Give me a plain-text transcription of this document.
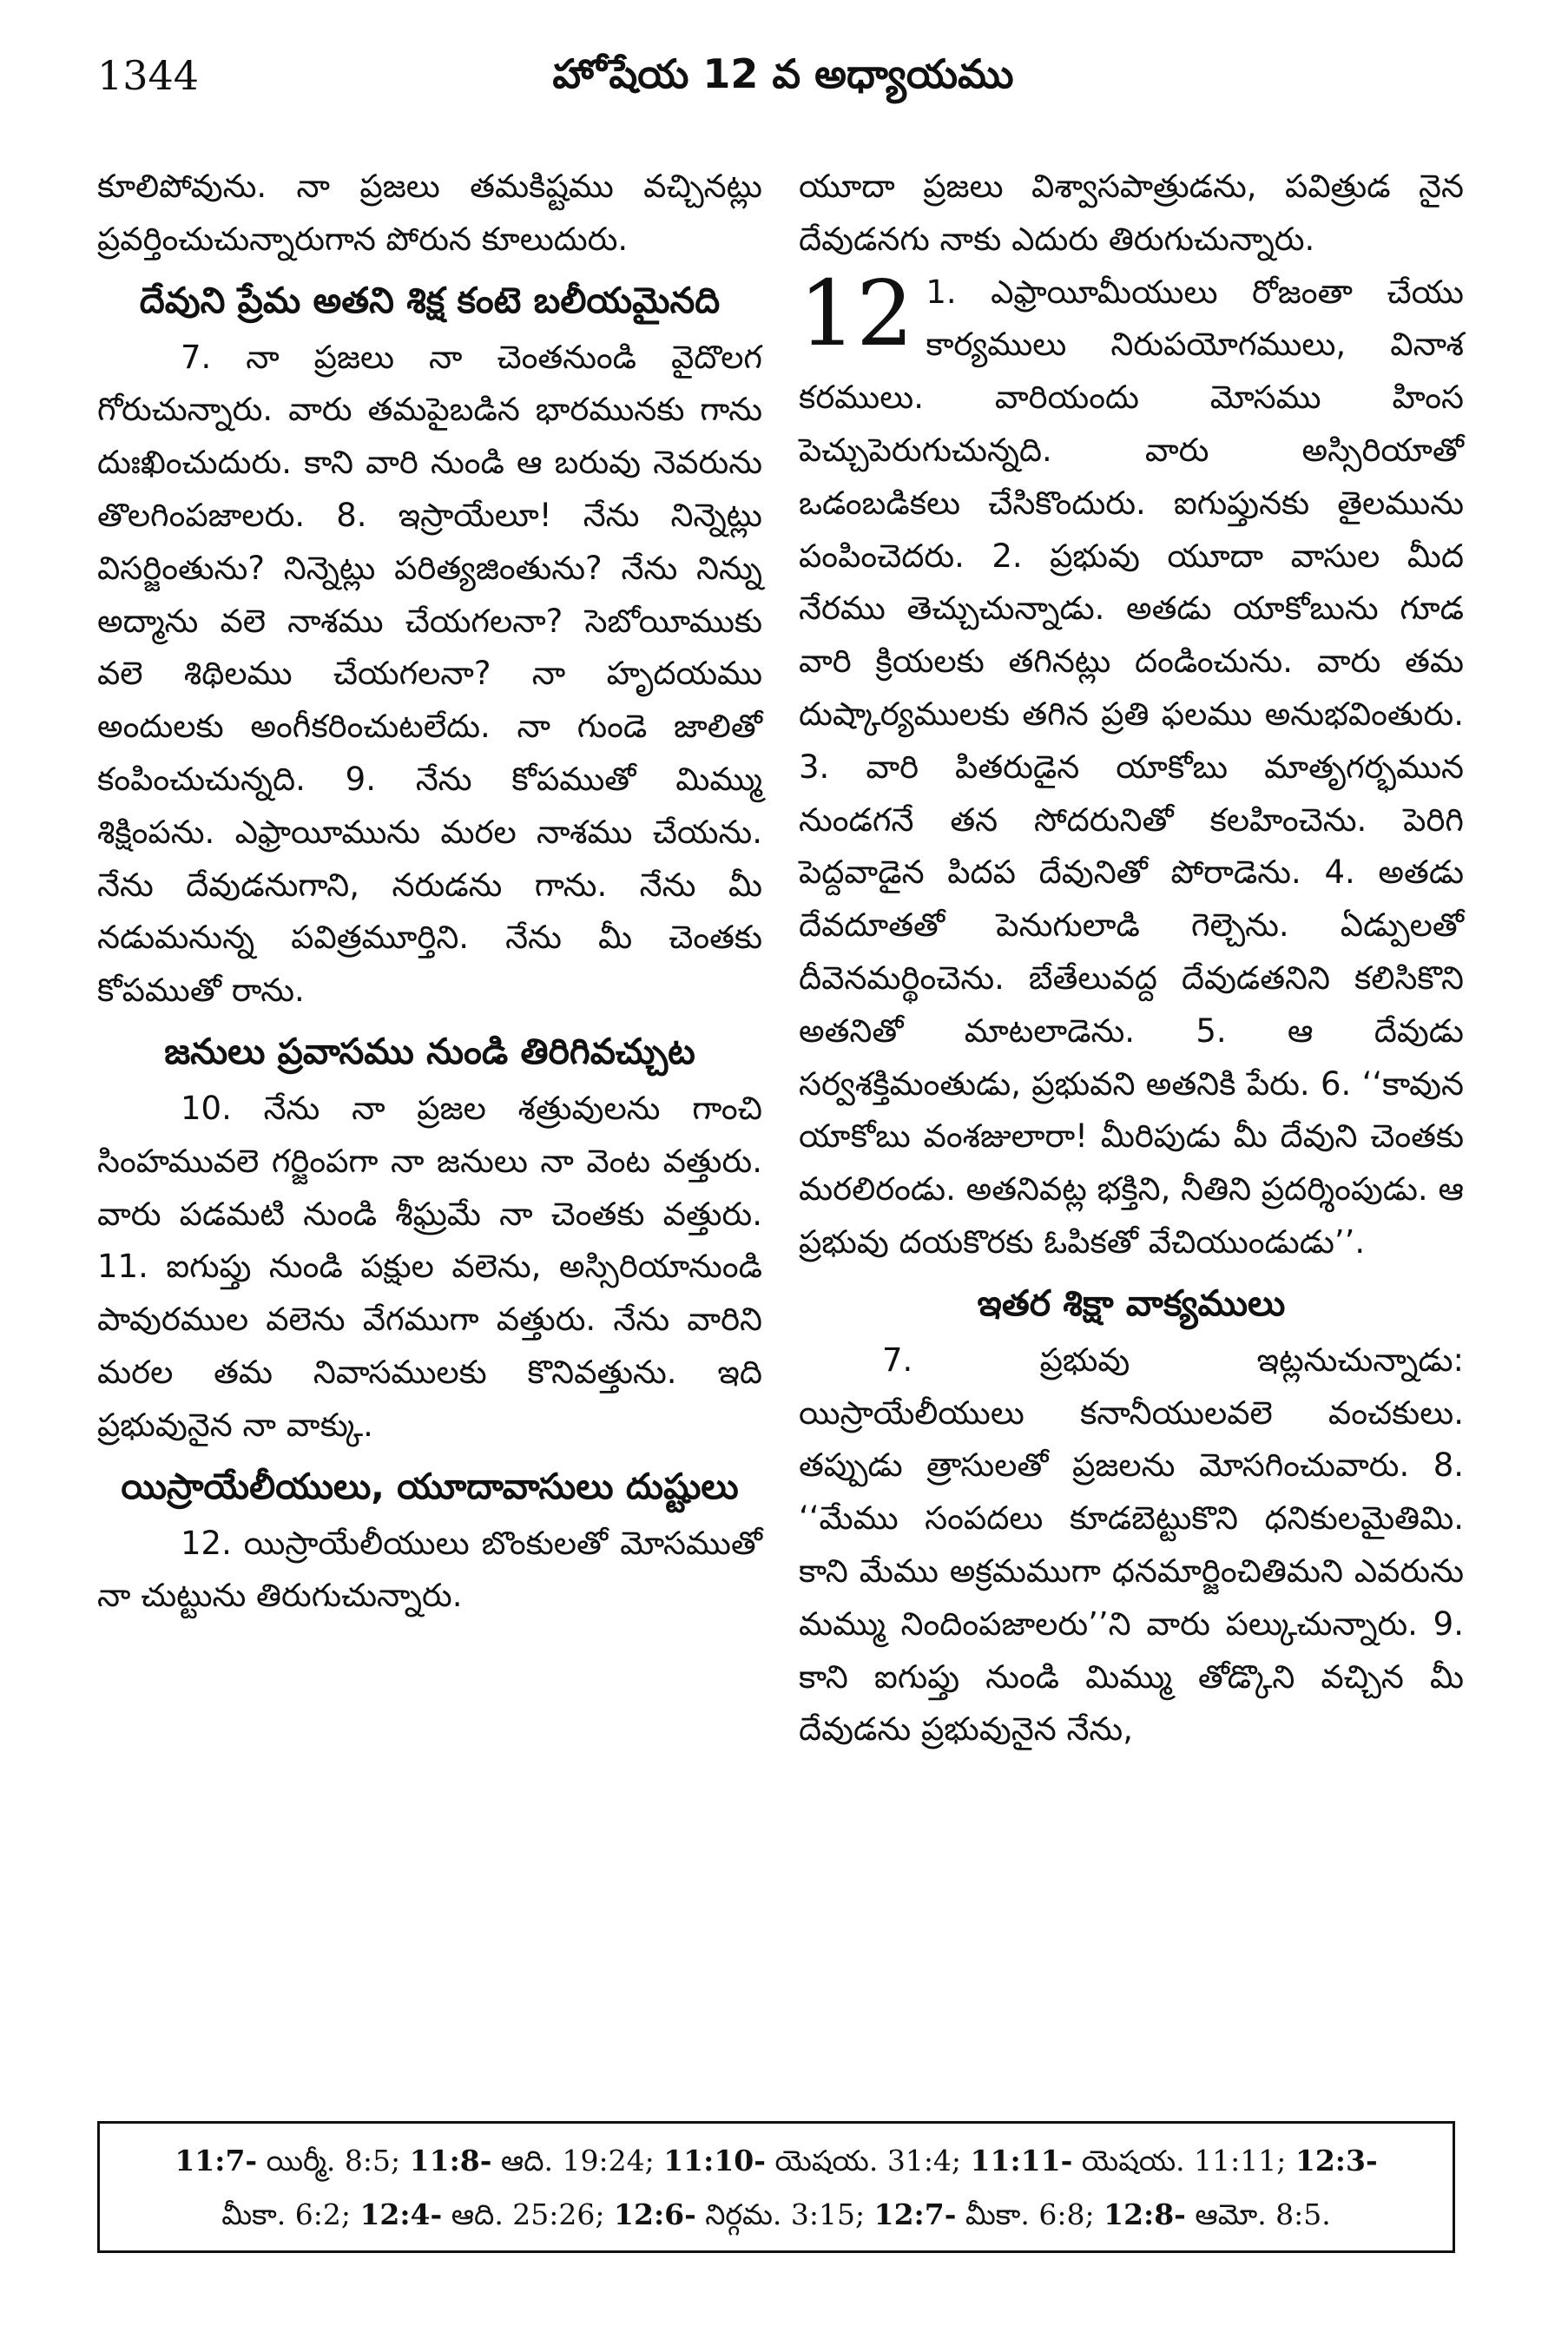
1344	హోషేయ 12 వ అధ్యాయము

కూలిపోవును. నా ప్రజలు తమకిష్టము వచ్చినట్లు ప్రవర్తించుచున్నారుగాన పోరున కూలుదురు.

దేవుని ప్రేమ అతని శిక్ష కంటె బలీయమైనది

7. నా ప్రజలు నా చెంతనుండి వైదొలగ గోరుచున్నారు. వారు తమపైబడిన భారమునకు గాను దుఃఖించుదురు. కాని వారి నుండి ఆ బరువు నెవరును తొలగింపజాలరు. 8. ఇస్రాయేలూ! నేను నిన్నెట్లు విసర్జింతును? నిన్నెట్లు పరిత్యజింతును? నేను నిన్ను అద్మాను వలె నాశము చేయగలనా? సెబోయీముకు వలె శిథిలము చేయగలనా? నా హృదయము అందులకు అంగీకరించుటలేదు. నా గుండె జాలితో కంపించుచున్నది. 9. నేను కోపముతో మిమ్ము శిక్షింపను. ఎఫ్రాయీమును మరల నాశము చేయను. నేను దేవుడనుగాని, నరుడను గాను. నేను మీ నడుమనున్న పవిత్రమూర్తిని. నేను మీ చెంతకు కోపముతో రాను.

జనులు ప్రవాసము నుండి తిరిగివచ్చుట

10. నేను నా ప్రజల శత్రువులను గాంచి సింహమువలె గర్జింపగా నా జనులు నా వెంట వత్తురు. వారు పడమటి నుండి శీఘ్రమే నా చెంతకు వత్తురు. 11. ఐగుప్తు నుండి పక్షుల వలెను, అస్సిరియానుండి పావురముల వలెను వేగముగా వత్తురు. నేను వారిని మరల తమ నివాసములకు కొనివత్తును. ఇది ప్రభువునైన నా వాక్కు.

యిస్రాయేలీయులు, యూదావాసులు దుష్టులు

12. యిస్రాయేలీయులు బొంకులతో మోసముతో నా చుట్టును తిరుగుచున్నారు.

యూదా ప్రజలు విశ్వాసపాత్రుడను, పవిత్రుడ నైన దేవుడనగు నాకు ఎదురు తిరుగుచున్నారు.

12 1. ఎఫ్రాయీమీయులు రోజంతా చేయు కార్యములు నిరుపయోగములు, వినాశ కరములు. వారియందు మోసము హింస పెచ్చుపెరుగుచున్నది. వారు అస్సిరియాతో ఒడంబడికలు చేసికొందురు. ఐగుప్తునకు తైలమును పంపించెదరు. 2. ప్రభువు యూదా వాసుల మీద నేరము తెచ్చుచున్నాడు. అతడు యాకోబును గూడ వారి క్రియలకు తగినట్లు దండించును. వారు తమ దుష్కార్యములకు తగిన ప్రతి ఫలము అనుభవింతురు. 3. వారి పితరుడైన యాకోబు మాతృగర్భమున నుండగనే తన సోదరునితో కలహించెను. పెరిగి పెద్దవాడైన పిదప దేవునితో పోరాడెను. 4. అతడు దేవదూతతో పెనుగులాడి గెల్చెను. ఏడ్పులతో దీవెనమర్థించెను. బేతేలువద్ద దేవుడతనిని కలిసికొని అతనితో మాటలాడెను. 5. ఆ దేవుడు సర్వశక్తిమంతుడు, ప్రభువని అతనికి పేరు. 6. ‘‘కావున యాకోబు వంశజులారా! మీరిపుడు మీ దేవుని చెంతకు మరలిరండు. అతనివట్ల భక్తిని, నీతిని ప్రదర్శింపుడు. ఆ ప్రభువు దయకొరకు ఓపికతో వేచియుండుడు’’.

ఇతర శిక్షా వాక్యములు

7. ప్రభువు ఇట్లనుచున్నాడు: యిస్రాయేలీయులు కనానీయులవలె వంచకులు. తప్పుడు త్రాసులతో ప్రజలను మోసగించువారు. 8. ‘‘మేము సంపదలు కూడబెట్టుకొని ధనికులమైతిమి. కాని మేము అక్రమముగా ధనమార్జించితిమని ఎవరును మమ్ము నిందింపజాలరు’’ని వారు పల్కుచున్నారు. 9. కాని ఐగుప్తు నుండి మిమ్ము తోడ్కొని వచ్చిన మీ దేవుడను ప్రభువునైన నేను,

11:7- యిర్మీ. 8:5; 11:8- ఆది. 19:24; 11:10- యెషయ. 31:4; 11:11- యెషయ. 11:11; 12:3-
మీకా. 6:2; 12:4- ఆది. 25:26; 12:6- నిర్గమ. 3:15; 12:7- మీకా. 6:8; 12:8- ఆమో. 8:5.
